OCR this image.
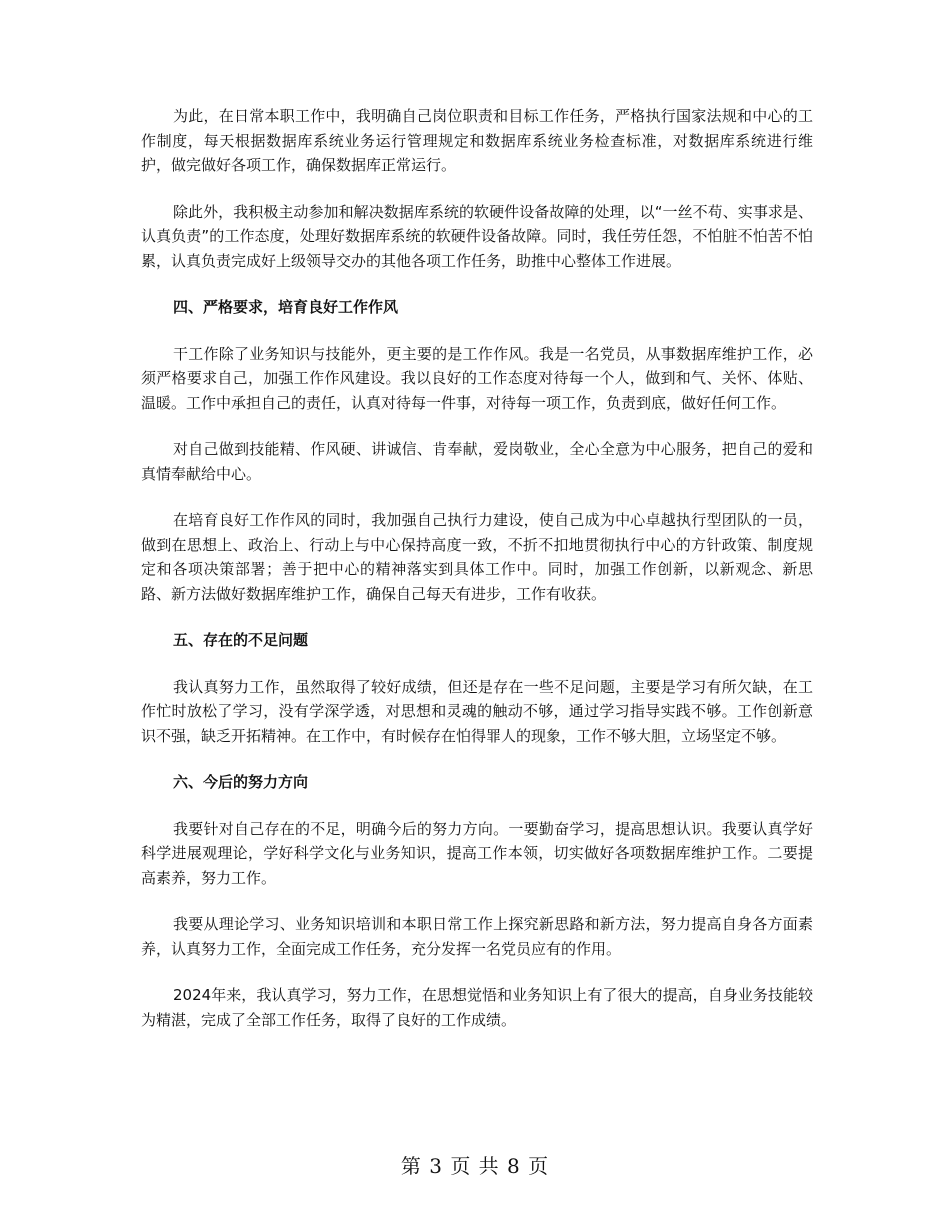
为此，在日常本职工作中，我明确自己岗位职责和目标工作任务，严格执行国家法规和中心的工作制度，每天根据数据库系统业务运行管理规定和数据库系统业务检查标准，对数据库系统进行维护，做完做好各项工作，确保数据库正常运行。

除此外，我积极主动参加和解决数据库系统的软硬件设备故障的处理，以“一丝不苟、实事求是、认真负责”的工作态度，处理好数据库系统的软硬件设备故障。同时，我任劳任怨，不怕脏不怕苦不怕累，认真负责完成好上级领导交办的其他各项工作任务，助推中心整体工作进展。

四、严格要求，培育良好工作作风

干工作除了业务知识与技能外，更主要的是工作作风。我是一名党员，从事数据库维护工作，必须严格要求自己，加强工作作风建设。我以良好的工作态度对待每一个人，做到和气、关怀、体贴、温暖。工作中承担自己的责任，认真对待每一件事，对待每一项工作，负责到底，做好任何工作。

对自己做到技能精、作风硬、讲诚信、肯奉献，爱岗敬业，全心全意为中心服务，把自己的爱和真情奉献给中心。

在培育良好工作作风的同时，我加强自己执行力建设，使自己成为中心卓越执行型团队的一员，做到在思想上、政治上、行动上与中心保持高度一致，不折不扣地贯彻执行中心的方针政策、制度规定和各项决策部署；善于把中心的精神落实到具体工作中。同时，加强工作创新，以新观念、新思路、新方法做好数据库维护工作，确保自己每天有进步，工作有收获。

五、存在的不足问题

我认真努力工作，虽然取得了较好成绩，但还是存在一些不足问题，主要是学习有所欠缺，在工作忙时放松了学习，没有学深学透，对思想和灵魂的触动不够，通过学习指导实践不够。工作创新意识不强，缺乏开拓精神。在工作中，有时候存在怕得罪人的现象，工作不够大胆，立场坚定不够。

六、今后的努力方向

我要针对自己存在的不足，明确今后的努力方向。一要勤奋学习，提高思想认识。我要认真学好科学进展观理论，学好科学文化与业务知识，提高工作本领，切实做好各项数据库维护工作。二要提高素养，努力工作。

我要从理论学习、业务知识培训和本职日常工作上探究新思路和新方法，努力提高自身各方面素养，认真努力工作，全面完成工作任务，充分发挥一名党员应有的作用。

2024年来，我认真学习，努力工作，在思想觉悟和业务知识上有了很大的提高，自身业务技能较为精湛，完成了全部工作任务，取得了良好的工作成绩。

第 3 页 共 8 页
